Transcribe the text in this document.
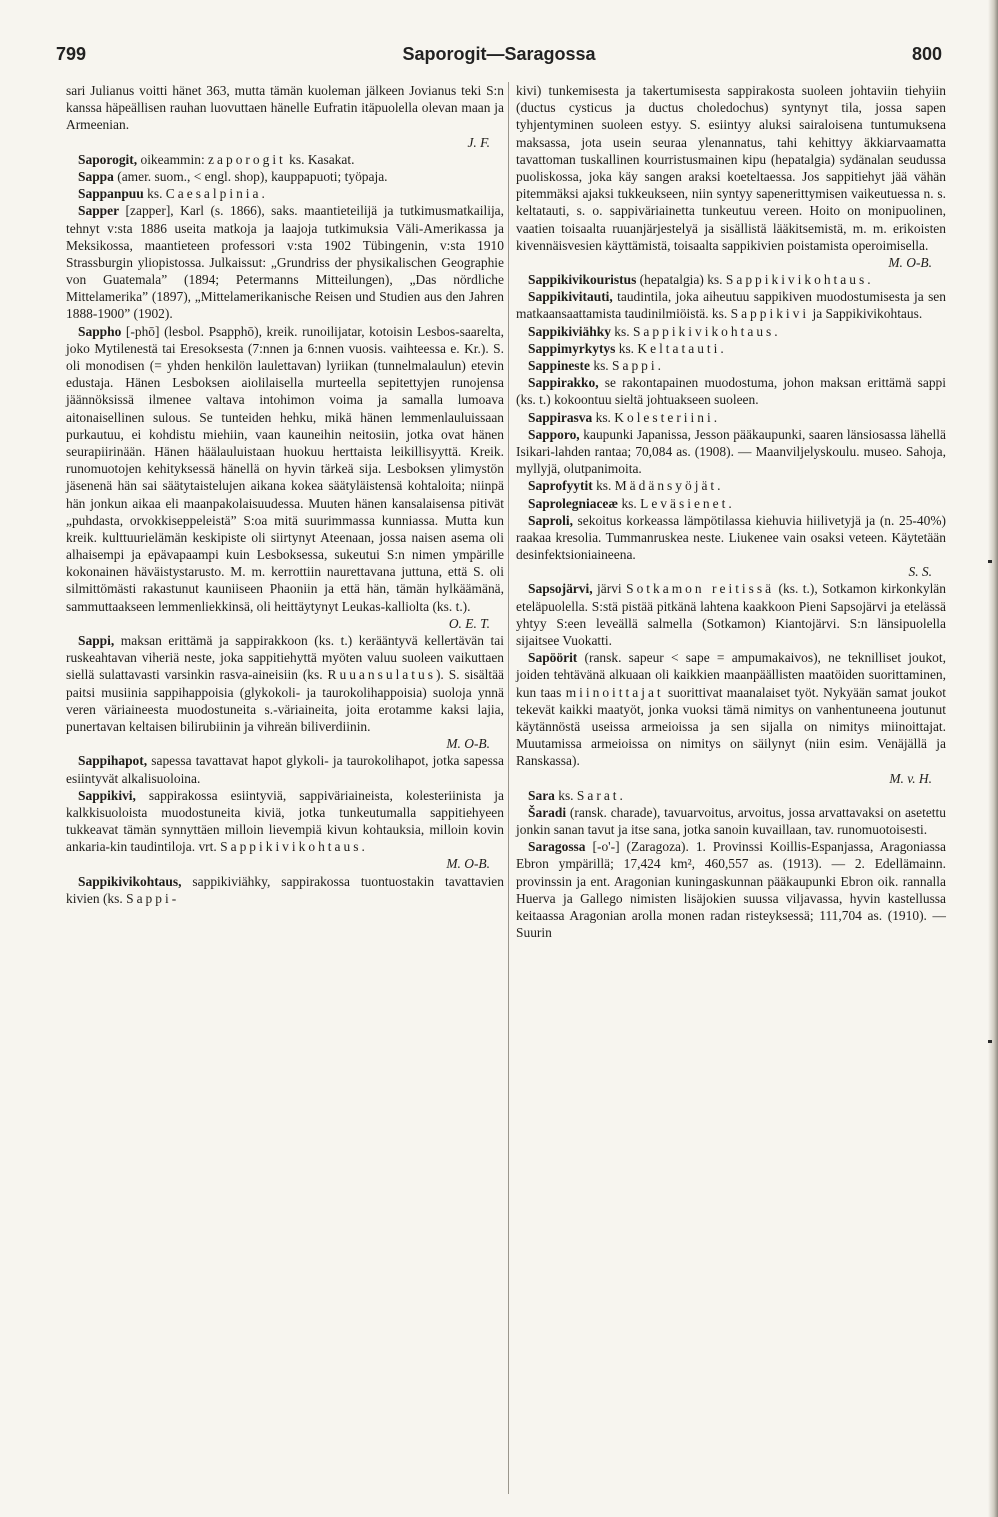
799	Saporogit—Saragossa	800

sari Julianus voitti hänet 363, mutta tämän kuoleman jälkeen Jovianus teki S:n kanssa häpeällisen rauhan luovuttaen hänelle Eufratin itäpuolella olevan maan ja Armeenian.
J. F.

Saporogit, oikeammin: zaporogit ks. Kasakat.

Sappa (amer. suom., < engl. shop), kauppapuoti; työpaja.

Sappanpuu ks. Caesalpinia.

Sapper [zapper], Karl (s. 1866), saks. maantieteilijä ja tutkimusmatkailija, tehnyt v:sta 1886 useita matkoja ja laajoja tutkimuksia Väli-Amerikassa ja Meksikossa, maantieteen professori v:sta 1902 Tübingenin, v:sta 1910 Strassburgin yliopistossa. Julkaissut: „Grundriss der physikalischen Geographie von Guatemala” (1894; Petermanns Mitteilungen), „Das nördliche Mittelamerika” (1897), „Mittelamerikanische Reisen und Studien aus den Jahren 1888-1900” (1902).

Sappho [-phō] (lesbol. Psapphō), kreik. runoilijatar, kotoisin Lesbos-saarelta, joko Mytilenestä tai Eresoksesta (7:nnen ja 6:nnen vuosis. vaihteessa e. Kr.). S. oli monodisen (= yhden henkilön laulettavan) lyriikan (tunnelmalaulun) etevin edustaja. Hänen Lesboksen aiolilaisella murteella sepitettyjen runojensa jäännöksissä ilmenee valtava intohimon voima ja samalla lumoava aitonaisellinen sulous. Se tunteiden hehku, mikä hänen lemmenlauluissaan purkautuu, ei kohdistu miehiin, vaan kauneihin neitosiin, jotka ovat hänen seurapiirinään. Hänen häälauluistaan huokuu herttaista leikillisyyttä. Kreik. runomuotojen kehityksessä hänellä on hyvin tärkeä sija. Lesboksen ylimystön jäsenenä hän sai säätytaistelujen aikana kokea säätyläistensä kohtaloita; niinpä hän jonkun aikaa eli maanpakolaisuudessa. Muuten hänen kansalaisensa pitivät „puhdasta, orvokkiseppeleistä” S:oa mitä suurimmassa kunniassa. Mutta kun kreik. kulttuurielämän keskipiste oli siirtynyt Ateenaan, jossa naisen asema oli alhaisempi ja epävapaampi kuin Lesboksessa, sukeutui S:n nimen ympärille kokonainen häväistystarusto. M. m. kerrottiin naurettavana juttuna, että S. oli silmittömästi rakastunut kauniiseen Phaoniin ja että hän, tämän hylkäämänä, sammuttaakseen lemmenliekkinsä, oli heittäytynyt Leukas-kalliolta (ks. t.).
O. E. T.

Sappi, maksan erittämä ja sappirakkoon (ks. t.) kerääntyvä kellertävän tai ruskeahtavan viheriä neste, joka sappitiehyttä myöten valuu suoleen vaikuttaen siellä sulattavasti varsinkin rasva-aineisiin (ks. Ruuansulatus). S. sisältää paitsi musiinia sappihappoisia (glykokoli- ja taurokolihappoisia) suoloja ynnä veren väriaineesta muodostuneita s.-väriaineita, joita erotamme kaksi lajia, punertavan keltaisen bilirubiinin ja vihreän biliverdiinin.
M. O-B.

Sappihapot, sapessa tavattavat hapot glykoli- ja taurokolihapot, jotka sapessa esiintyvät alkalisuoloina.

Sappikivi, sappirakossa esiintyviä, sappiväriaineista, kolesteriinista ja kalkkisuoloista muodostuneita kiviä, jotka tunkeutumalla sappitiehyeen tukkeavat tämän synnyttäen milloin lievempiä kivun kohtauksia, milloin kovin ankaria-kin taudintiloja. vrt. Sappikivikohtaus.
M. O-B.

Sappikivikohtaus, sappikiviähky, sappirakossa tuontuostakin tavattavien kivien (ks. Sappi-

kivi) tunkemisesta ja takertumisesta sappirakosta suoleen johtaviin tiehyiin (ductus cysticus ja ductus choledochus) syntynyt tila, jossa sapen tyhjentyminen suoleen estyy. S. esiintyy aluksi sairaloisena tuntumuksena maksassa, jota usein seuraa ylenannatus, tahi kehittyy äkkiarvaamatta tavattoman tuskallinen kourristusmainen kipu (hepatalgia) sydänalan seudussa puoliskossa, joka käy sangen araksi koeteltaessa. Jos sappitiehyt jää vähän pitemmäksi ajaksi tukkeukseen, niin syntyy sapenerittymisen vaikeutuessa n. s. keltatauti, s. o. sappiväriainetta tunkeutuu vereen. Hoito on monipuolinen, vaatien toisaalta ruuanjärjestelyä ja sisällistä lääkitsemistä, m. m. erikoisten kivennäisvesien käyttämistä, toisaalta sappikivien poistamista operoimisella.
M. O-B.

Sappikivikouristus (hepatalgia) ks. Sappikivikohtaus.

Sappikivitauti, taudintila, joka aiheutuu sappikiven muodostumisesta ja sen matkaansaattamista taudinilmiöistä. ks. Sappikivi ja Sappikivikohtaus.

Sappikiviähky ks. Sappikivikohtaus.

Sappimyrkytys ks. Keltatauti.

Sappineste ks. Sappi.

Sappirakko, se rakontapainen muodostuma, johon maksan erittämä sappi (ks. t.) kokoontuu sieltä johtuakseen suoleen.

Sappirasva ks. Kolesteriini.

Sapporo, kaupunki Japanissa, Jesson pääkaupunki, saaren länsiosassa lähellä Isikari-lahden rantaa; 70,084 as. (1908). — Maanviljelyskoulu. museo. Sahoja, myllyjä, olutpanimoita.

Saprofyytit ks. Mädänsyöjät.

Saprolegniaceæ ks. Leväsienet.

Saproli, sekoitus korkeassa lämpötilassa kiehuvia hiilivetyjä ja (n. 25-40%) raakaa kresolia. Tummanruskea neste. Liukenee vain osaksi veteen. Käytetään desinfektsioniaineena.
S. S.

Sapsojärvi, järvi Sotkamon reitissä (ks. t.), Sotkamon kirkonkylän eteläpuolella. S:stä pistää pitkänä lahtena kaakkoon Pieni Sapsojärvi ja etelässä yhtyy S:een leveällä salmella (Sotkamon) Kiantojärvi. S:n länsipuolella sijaitsee Vuokatti.

Sapöörit (ransk. sapeur < sape = ampumakaivos), ne teknilliset joukot, joiden tehtävänä alkuaan oli kaikkien maanpäällisten maatöiden suorittaminen, kun taas miinoittajat suorittivat maanalaiset työt. Nykyään samat joukot tekevät kaikki maatyöt, jonka vuoksi tämä nimitys on vanhentuneena joutunut käytännöstä useissa armeioissa ja sen sijalla on nimitys miinoittajat. Muutamissa armeioissa on nimitys on säilynyt (niin esim. Venäjällä ja Ranskassa).
M. v. H.

Sara ks. Sarat.

Šaradi (ransk. charade), tavuarvoitus, arvoitus, jossa arvattavaksi on asetettu jonkin sanan tavut ja itse sana, jotka sanoin kuvaillaan, tav. runomuotoisesti.

Saragossa [-o'-] (Zaragoza). 1. Provinssi Koillis-Espanjassa, Aragoniassa Ebron ympärillä; 17,424 km², 460,557 as. (1913). — 2. Edellämainn. provinssin ja ent. Aragonian kuningaskunnan pääkaupunki Ebron oik. rannalla Huerva ja Gallego nimisten lisäjokien suussa viljavassa, hyvin kastellussa keitaassa Aragonian arolla monen radan risteyksessä; 111,704 as. (1910). — Suurin
